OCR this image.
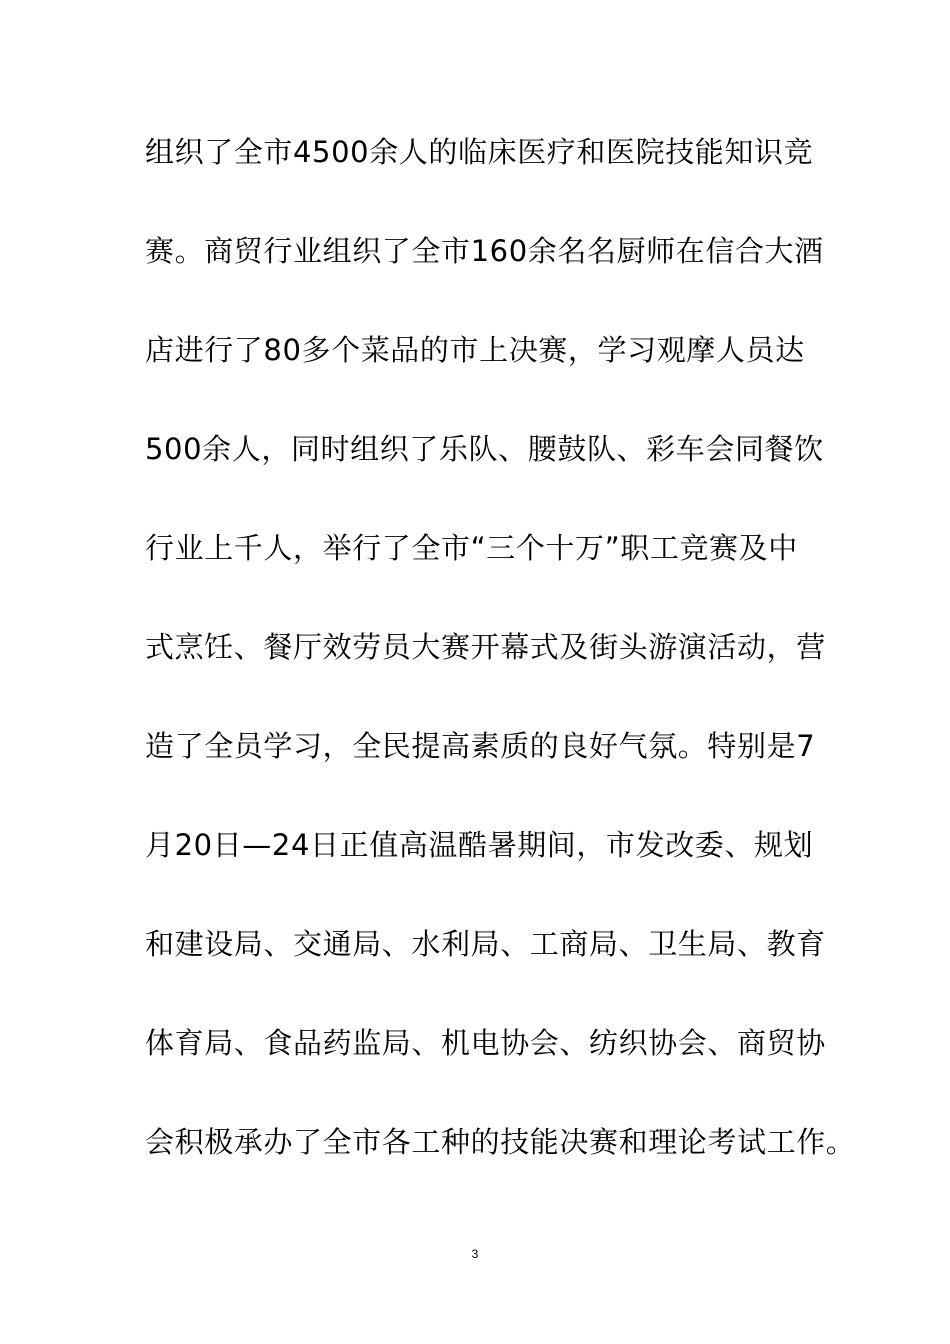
组织了全市4500余人的临床医疗和医院技能知识竞
赛。商贸行业组织了全市160余名名厨师在信合大酒
店进行了80多个菜品的市上决赛，学习观摩人员达
500余人，同时组织了乐队、腰鼓队、彩车会同餐饮
行业上千人，举行了全市“三个十万”职工竞赛及中
式烹饪、餐厅效劳员大赛开幕式及街头游演活动，营
造了全员学习，全民提高素质的良好气氛。特别是7
月20日—24日正值高温酷暑期间，市发改委、规划
和建设局、交通局、水利局、工商局、卫生局、教育
体育局、食品药监局、机电协会、纺织协会、商贸协
会积极承办了全市各工种的技能决赛和理论考试工作。
3
